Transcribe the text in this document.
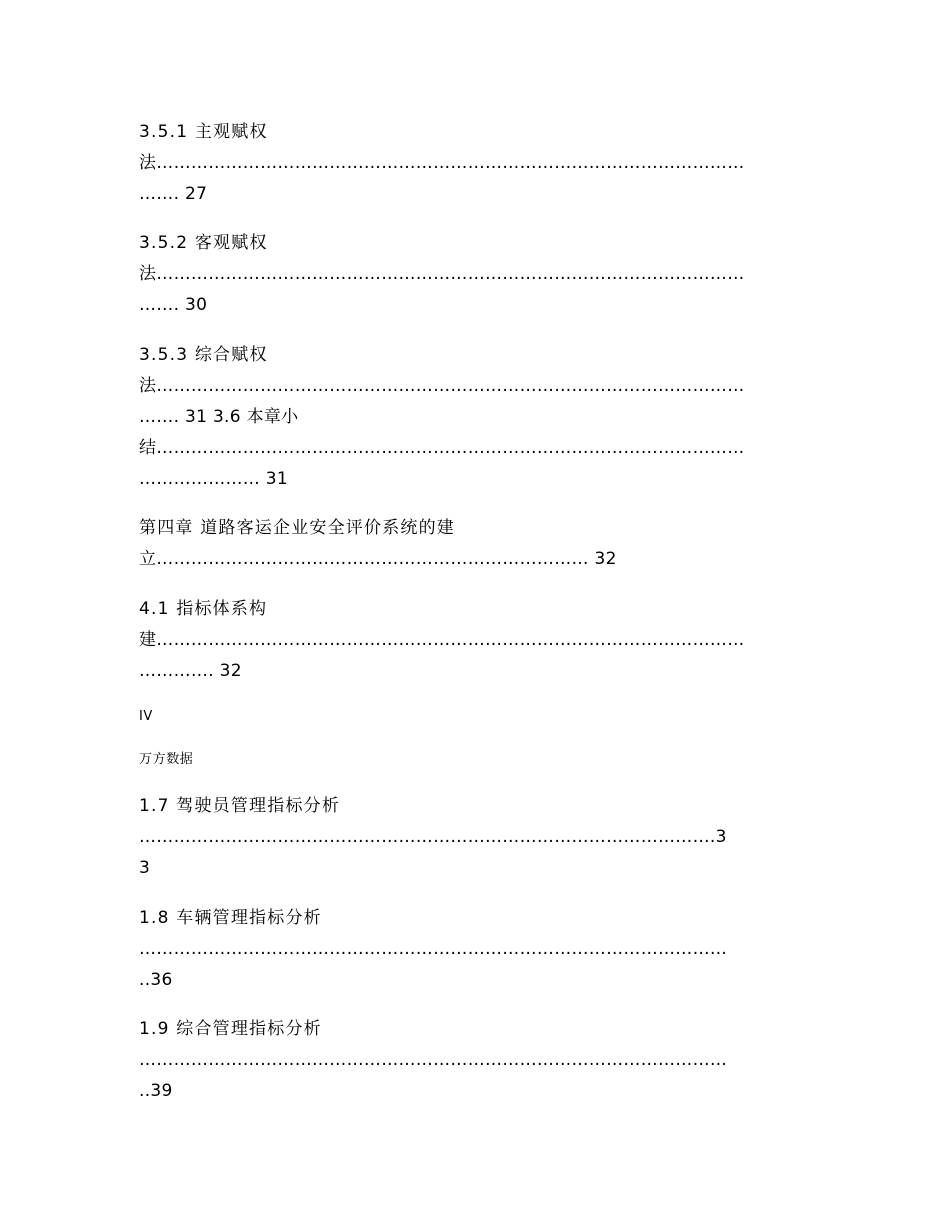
3.5.1 主观赋权
法…………………………………………………………………………………………
……. 27
3.5.2 客观赋权
法…………………………………………………………………………………………
……. 30
3.5.3 综合赋权
法…………………………………………………………………………………………
……. 31 3.6 本章小
结…………………………………………………………………………………………
………………… 31
第四章 道路客运企业安全评价系统的建
立………………………………………………………………… 32
4.1 指标体系构
建…………………………………………………………………………………………
…………. 32
IV
万方数据
1.7 驾驶员管理指标分析
……………………………………………………………………………………….3
3
1.8 车辆管理指标分析
…………………………………………………………………………………………
..36
1.9 综合管理指标分析
…………………………………………………………………………………………
..39
